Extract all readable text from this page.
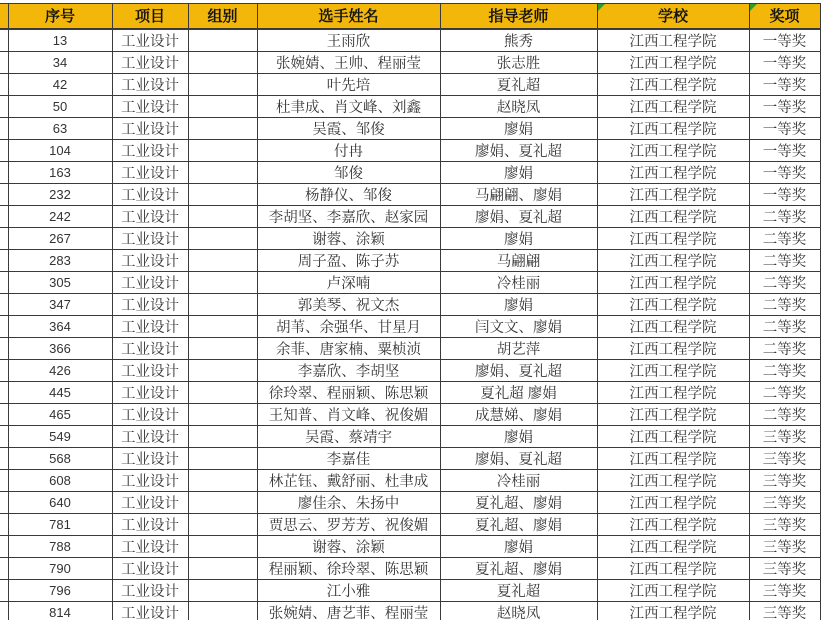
	序号	项目	组别	选手姓名	指导老师	学校	奖项
	13	工业设计		王雨欣	熊秀	江西工程学院	一等奖
	34	工业设计		张婉婧、王帅、程丽莹	张志胜	江西工程学院	一等奖
	42	工业设计		叶先培	夏礼超	江西工程学院	一等奖
	50	工业设计		杜聿成、肖文峰、刘鑫	赵晓凤	江西工程学院	一等奖
	63	工业设计		吴霞、邹俊	廖娟	江西工程学院	一等奖
	104	工业设计		付冉	廖娟、夏礼超	江西工程学院	一等奖
	163	工业设计		邹俊	廖娟	江西工程学院	一等奖
	232	工业设计		杨静仪、邹俊	马翩翩、廖娟	江西工程学院	一等奖
	242	工业设计		李胡坚、李嘉欣、赵家园	廖娟、夏礼超	江西工程学院	二等奖
	267	工业设计		谢蓉、涂颖	廖娟	江西工程学院	二等奖
	283	工业设计		周子盈、陈子苏	马翩翩	江西工程学院	二等奖
	305	工业设计		卢深喃	冷桂丽	江西工程学院	二等奖
	347	工业设计		郭美琴、祝文杰	廖娟	江西工程学院	二等奖
	364	工业设计		胡苇、余强华、甘星月	闫文文、廖娟	江西工程学院	二等奖
	366	工业设计		余菲、唐家楠、粟桢浈	胡艺萍	江西工程学院	二等奖
	426	工业设计		李嘉欣、李胡坚	廖娟、夏礼超	江西工程学院	二等奖
	445	工业设计		徐玲翠、程丽颖、陈思颖	夏礼超 廖娟	江西工程学院	二等奖
	465	工业设计		王知普、肖文峰、祝俊媚	成慧娣、廖娟	江西工程学院	二等奖
	549	工业设计		吴霞、蔡靖宇	廖娟	江西工程学院	三等奖
	568	工业设计		李嘉佳	廖娟、夏礼超	江西工程学院	三等奖
	608	工业设计		林芷钰、戴舒丽、杜聿成	冷桂丽	江西工程学院	三等奖
	640	工业设计		廖佳余、朱扬中	夏礼超、廖娟	江西工程学院	三等奖
	781	工业设计		贾思云、罗芳芳、祝俊媚	夏礼超、廖娟	江西工程学院	三等奖
	788	工业设计		谢蓉、涂颖	廖娟	江西工程学院	三等奖
	790	工业设计		程丽颖、徐玲翠、陈思颖	夏礼超、廖娟	江西工程学院	三等奖
	796	工业设计		江小雅	夏礼超	江西工程学院	三等奖
	814	工业设计		张婉婧、唐艺菲、程丽莹	赵晓凤	江西工程学院	三等奖
